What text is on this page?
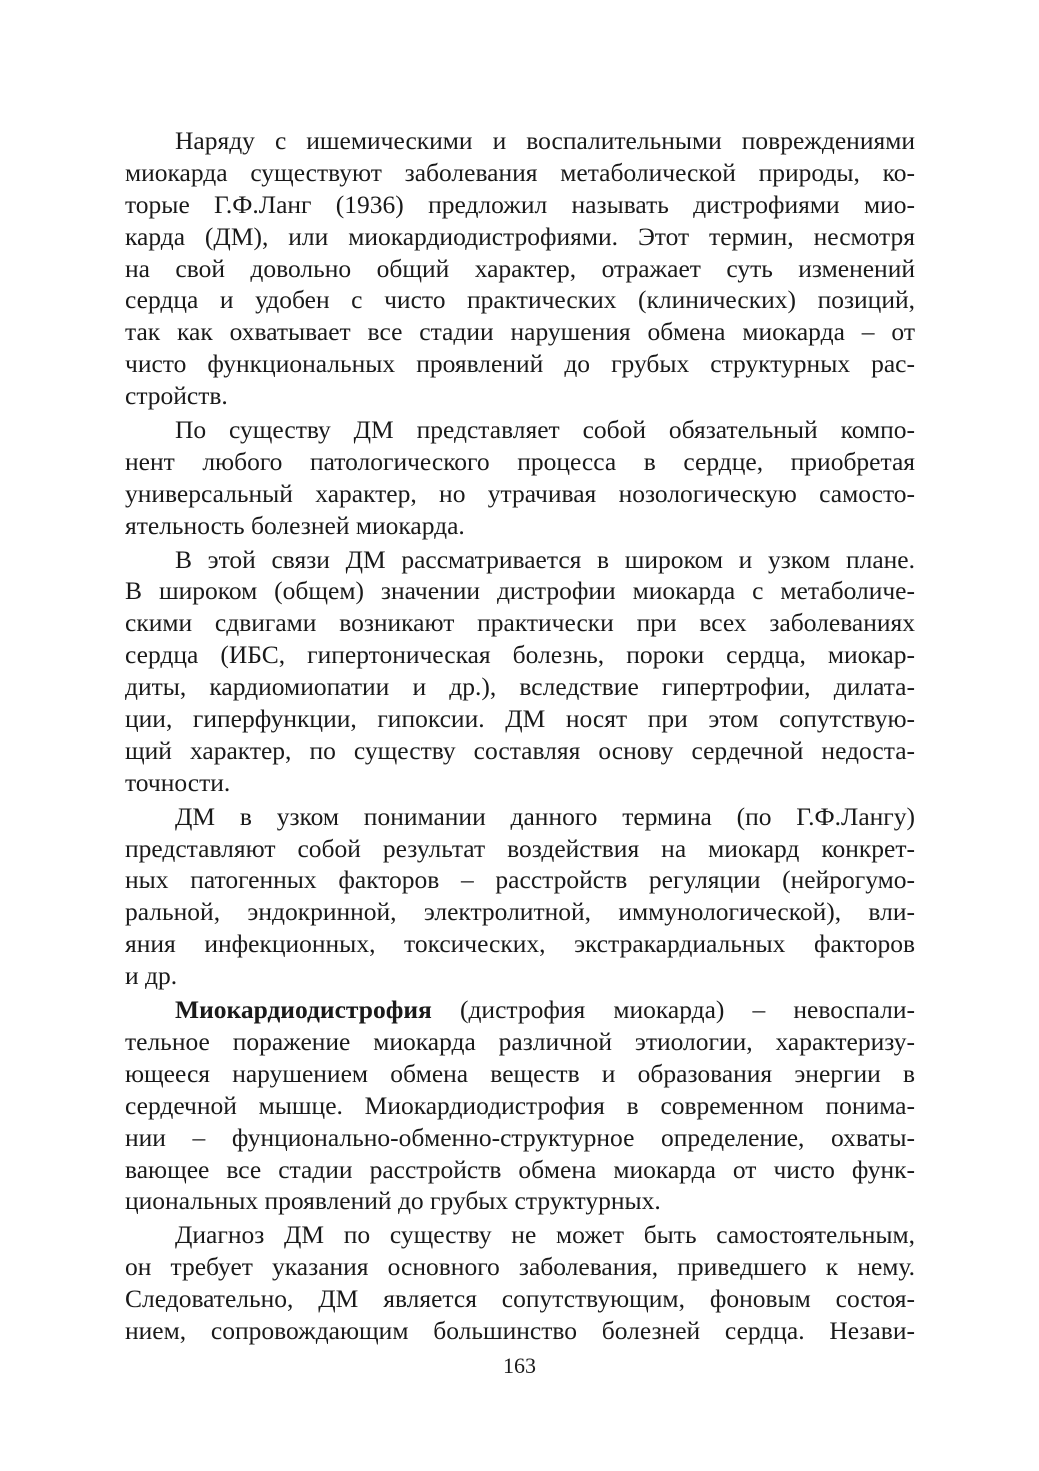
Наряду с ишемическими и воспалительными повреждениями
миокарда существуют заболевания метаболической природы, ко-
торые Г.Ф.Ланг (1936) предложил называть дистрофиями мио-
карда (ДМ), или миокардиодистрофиями. Этот термин, несмотря
на свой довольно общий характер, отражает суть изменений
сердца и удобен с чисто практических (клинических) позиций,
так как охватывает все стадии нарушения обмена миокарда – от
чисто функциональных проявлений до грубых структурных рас-
стройств.
По существу ДМ представляет собой обязательный компо-
нент любого патологического процесса в сердце, приобретая
универсальный характер, но утрачивая нозологическую самосто-
ятельность болезней миокарда.
В этой связи ДМ рассматривается в широком и узком плане.
В широком (общем) значении дистрофии миокарда с метаболиче-
скими сдвигами возникают практически при всех заболеваниях
сердца (ИБС, гипертоническая болезнь, пороки сердца, миокар-
диты, кардиомиопатии и др.), вследствие гипертрофии, дилата-
ции, гиперфункции, гипоксии. ДМ носят при этом сопутствую-
щий характер, по существу составляя основу сердечной недоста-
точности.
ДМ в узком понимании данного термина (по Г.Ф.Лангу)
представляют собой результат воздействия на миокард конкрет-
ных патогенных факторов – расстройств регуляции (нейрогумо-
ральной, эндокринной, электролитной, иммунологической), вли-
яния инфекционных, токсических, экстракардиальных факторов
и др.
Миокардиодистрофия (дистрофия миокарда) – невоспали-
тельное поражение миокарда различной этиологии, характеризу-
ющееся нарушением обмена веществ и образования энергии в
сердечной мышце. Миокардиодистрофия в современном понима-
нии – фунционально-обменно-структурное определение, охваты-
вающее все стадии расстройств обмена миокарда от чисто функ-
циональных проявлений до грубых структурных.
Диагноз ДМ по существу не может быть самостоятельным,
он требует указания основного заболевания, приведшего к нему.
Следовательно, ДМ является сопутствующим, фоновым состоя-
нием, сопровождающим большинство болезней сердца. Незави-
163
